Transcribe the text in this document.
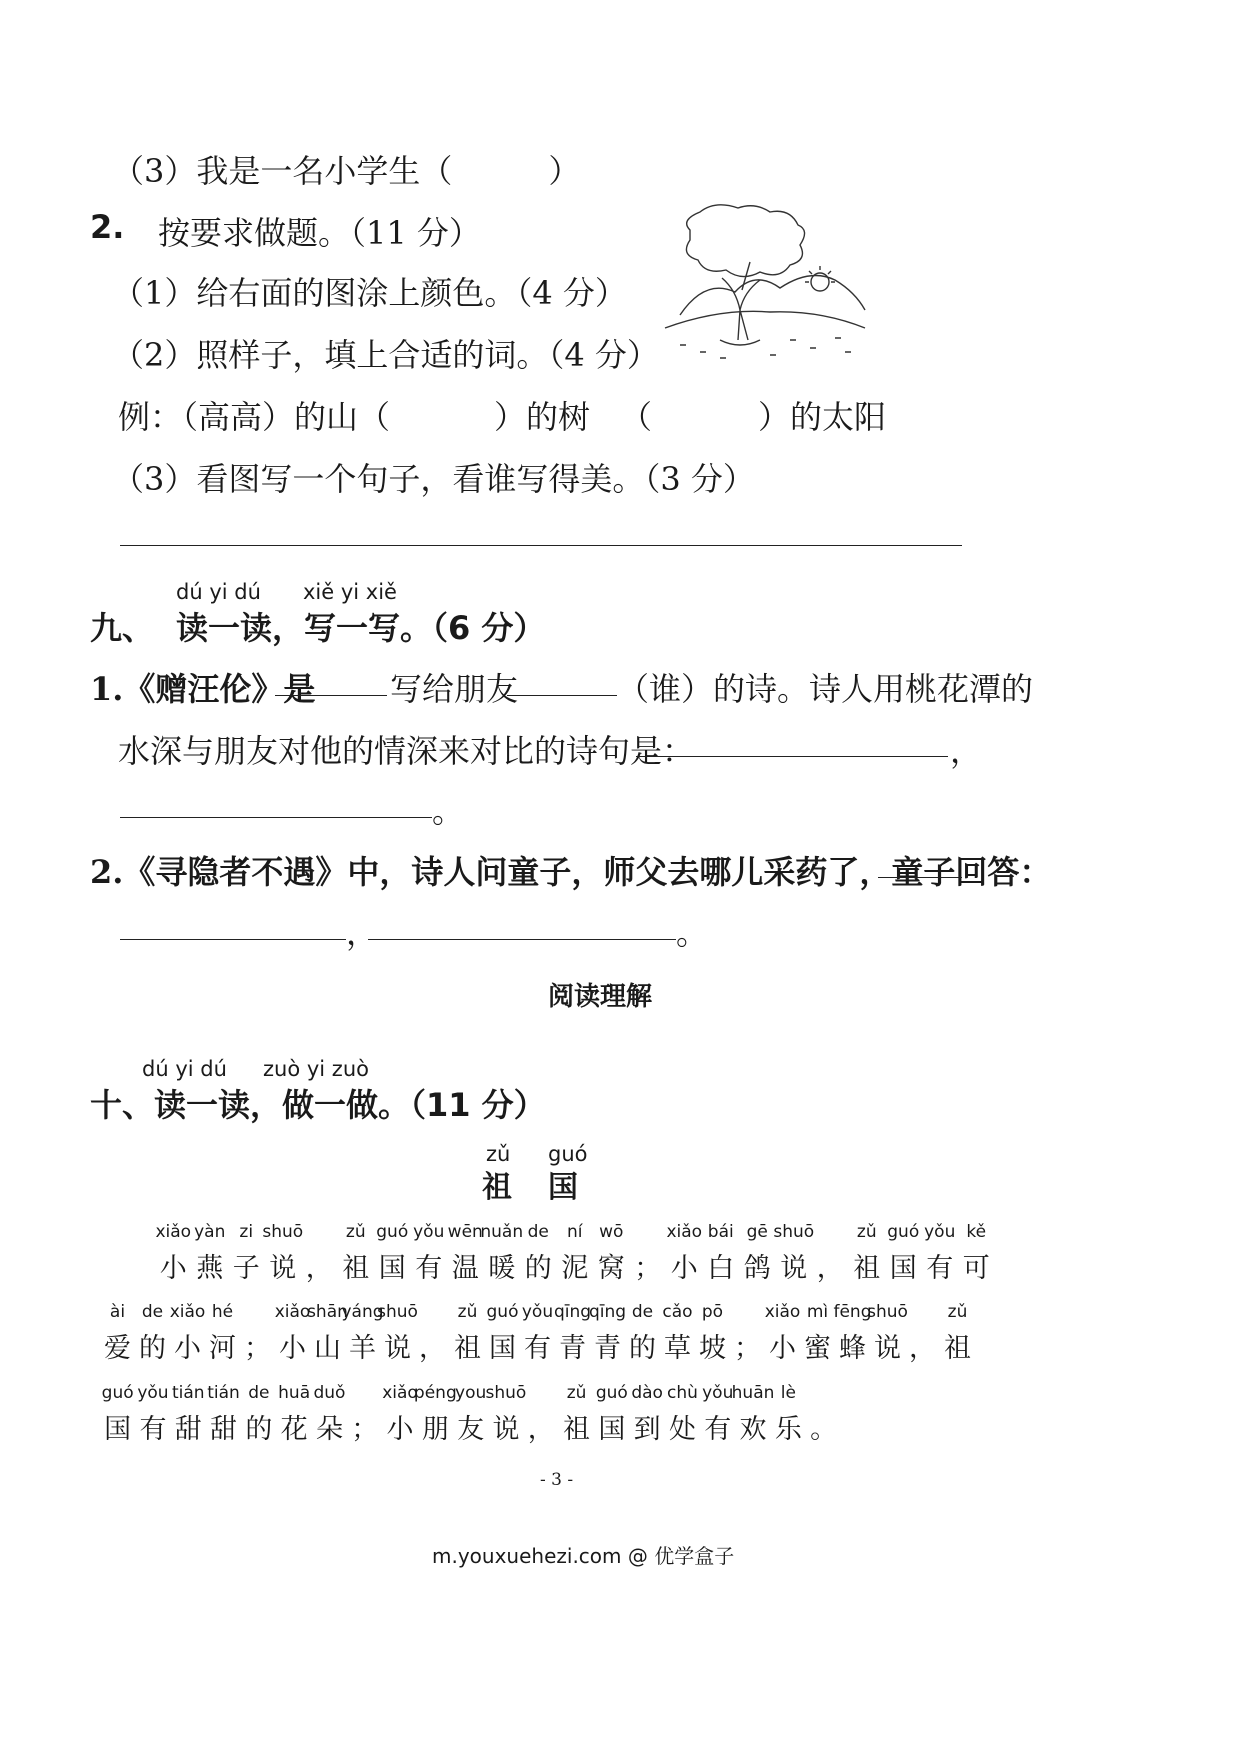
（3）我是一名小学生（　　　）
2. 按要求做题。（11 分）
（1）给右面的图涂上颜色。（4 分）
（2）照样子，填上合适的词。（4 分）
例：（高高）的山 （	）的树 （	）的太阳
（3）看图写一个句子，看谁写得美。（3 分）
dú yi dú xiě yi xiě
九、 读一读，写一写。（6 分）
1.《赠汪伦》是 写给朋友	（谁）的诗。诗人用桃花潭的
水深与朋友对他的情深来对比的诗句是：	，
。
2.《寻隐者不遇》中，诗人问童子，师父去哪儿采药了，童子回答：
，	。
阅读理解
dú yi dú zuò yi zuò
十、读一读，做一做。（11 分）
zǔ guó
祖 国
xiǎo
小
yàn
燕
zi
子
shuō
说 ，
zǔ
祖
guó
国
yǒu
有
wēn
温
nuǎn
暖
de
的
ní
泥
wō
窝 ；
xiǎo
小
bái
白
gē
鸽
shuō
说 ，
zǔ
祖
guó
国
yǒu
有
kě
可
ài
爱
de
的
xiǎo
小
hé
河 ；
xiǎo
小
shān
山
yáng
羊
shuō
说 ，
zǔ
祖
guó
国
yǒu
有
qīng
青
qīng
青
de
的
cǎo
草
pō
坡 ；
xiǎo
小
mì
蜜
fēng
蜂
shuō
说 ，
zǔ
祖
guó
国
yǒu
有
tián
甜
tián
甜
de
的
huā
花
duǒ
朵 ；
xiǎo
小
péng
朋
you
友
shuō
说 ，
zǔ
祖
guó
国
dào
到
chù
处
yǒu
有
huān
欢
lè
乐 。
- 3 -
m.youxuehezi.com @ 优学盒子
